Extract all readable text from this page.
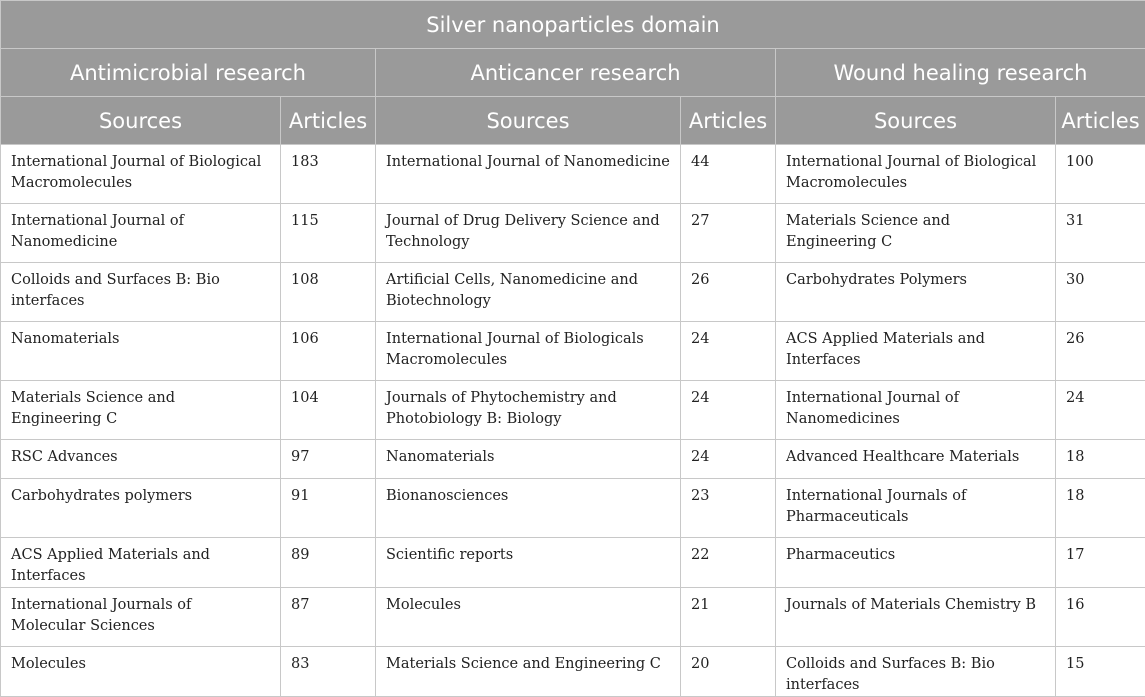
Silver nanoparticles domain					
Antimicrobial research		Anticancer research		Wound healing research	
Sources	Articles	Sources	Articles	Sources	Articles
International Journal of Biological Macromolecules	183	International Journal of Nanomedicine	44	International Journal of Biological Macromolecules	100
International Journal of Nanomedicine	115	Journal of Drug Delivery Science and Technology	27	Materials Science and Engineering C	31
Colloids and Surfaces B: Bio interfaces	108	Artificial Cells, Nanomedicine and Biotechnology	26	Carbohydrates Polymers	30
Nanomaterials	106	International Journal of Biologicals Macromolecules	24	ACS Applied Materials and Interfaces	26
Materials Science and Engineering C	104	Journals of Phytochemistry and Photobiology B: Biology	24	International Journal of Nanomedicines	24
RSC Advances	97	Nanomaterials	24	Advanced Healthcare Materials	18
Carbohydrates polymers	91	Bionanosciences	23	International Journals of Pharmaceuticals	18
ACS Applied Materials and Interfaces	89	Scientific reports	22	Pharmaceutics	17
International Journals of Molecular Sciences	87	Molecules	21	Journals of Materials Chemistry B	16
Molecules	83	Materials Science and Engineering C	20	Colloids and Surfaces B: Bio interfaces	15
